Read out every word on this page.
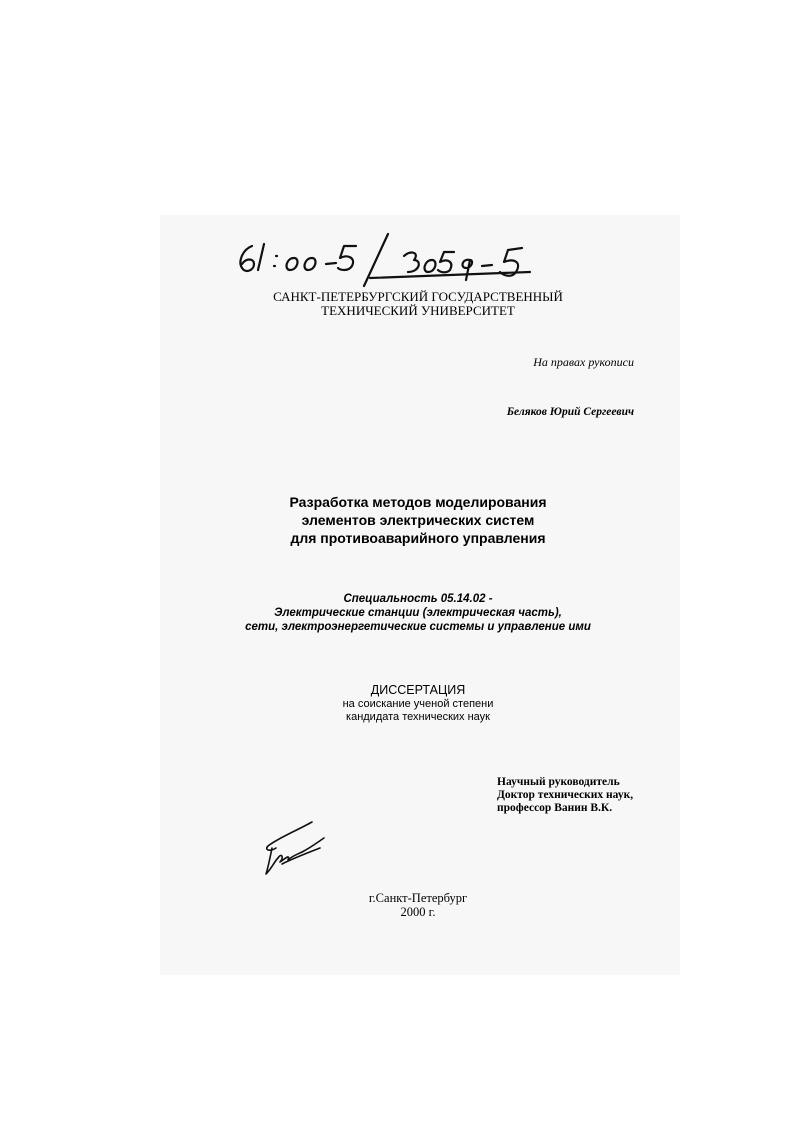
САНКТ-ПЕТЕРБУРГСКИЙ ГОСУДАРСТВЕННЫЙ
ТЕХНИЧЕСКИЙ УНИВЕРСИТЕТ
На правах рукописи
Беляков Юрий Сергеевич
Разработка методов моделирования
элементов электрических систем
для противоаварийного управления
Специальность 05.14.02 -
Электрические станции (электрическая часть),
сети, электроэнергетические системы и управление ими
ДИССЕРТАЦИЯ
на соискание ученой степени
кандидата технических наук
Научный руководитель
Доктор технических наук,
профессор Ванин В.К.
г.Санкт-Петербург
2000 г.
